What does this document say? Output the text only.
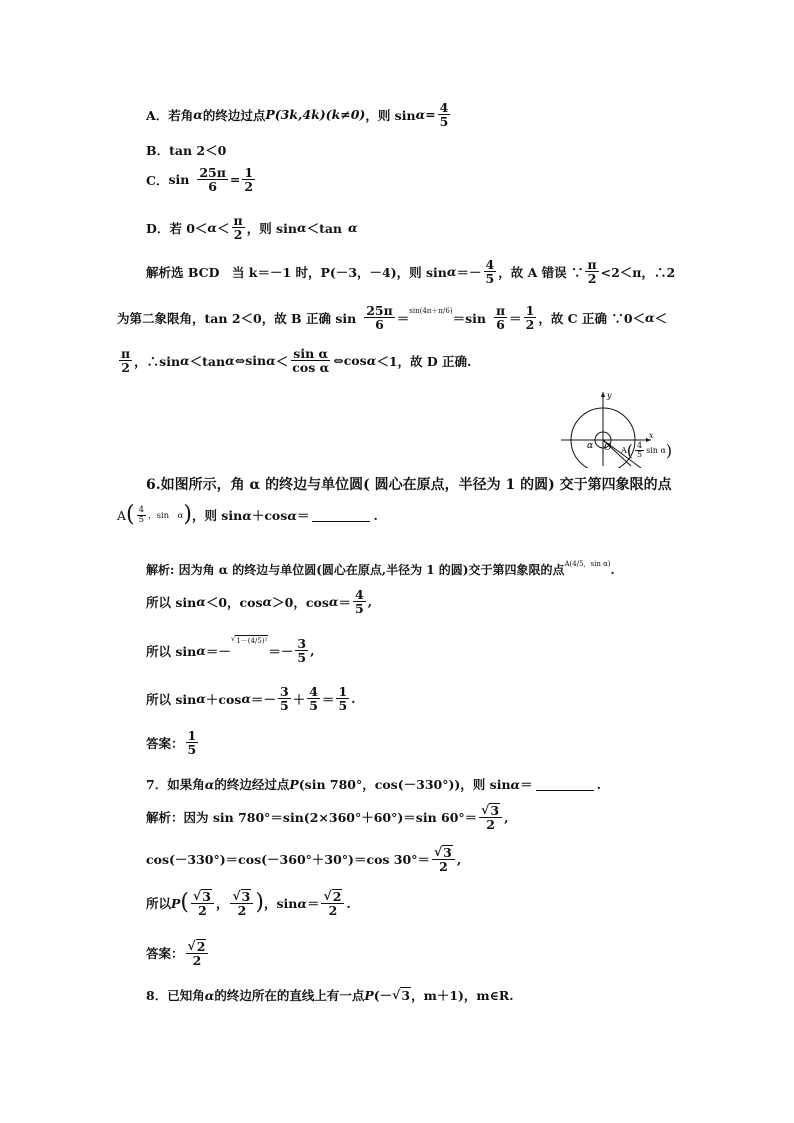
A． 若角 α 的终边过点 P(3k,4k)(k≠0) ，则 $\sin \alpha = \frac{4}{5}$
B． tan 2＜0
C． $\sin \frac{25\pi}{6} = \frac{1}{2}$
D． 若 $0< \alpha < \frac{\pi}{2}$ ，则 sin α ＜tan α
解析 选 BCD　当 k＝－1 时，P(－3，－4)，则 $\sin \alpha =- \frac{4}{5}$ ，故 A 错误 ∵ $\frac{\pi}{2} <2<\pi$，∴2
为第二象限角，tan 2＜0，故 B 正确 $\sin \frac{25\pi}{6} = \sin(4\pi+\pi/6) =\sin \frac{\pi}{6} = \frac{1}{2}$ ，故 C 正确 ∵0＜ α ＜
$\frac{\pi}{2}$ ，∴sin α ＜tan α ⇔sin $\alpha < \frac{\text{sin α}}{\text{cos α}}$ ⇔cos α ＜1，故 D 正确.
y
x
α O A ( $\frac{4}{5}$ sin α )
6.如图所示，角 α 的终边与单位圆( 圆心在原点，半径为 1 的圆) 交于第四象限的点
A ( $\frac{4}{5}$ ， sin　α ) ，则 sin α ＋cos α ＝	.
解析 : 因为角 α 的终边与单位圆(圆心在原点,半径为 1 的圆)交于第四象限的点 A(4/5，sin α) .
所以 sin α ＜0，cos α ＞0，$\cos \alpha = \frac{4}{5}$ ,
所以 sin α ＝－
√ 1－(4/5)²
＝－ $\frac{3}{5}$ ,
所以 sin α ＋cos $\alpha =- \frac{3}{5} + \frac{4}{5} = \frac{1}{5}$ .
答案： $\frac{1}{5}$
7．如果角 α 的终边经过点 P (sin 780°，cos(－330°))，则 sin α ＝	.
解析 ：因为 sin 780°＝sin(2×360°＋60°)＝sin $60^\circ= \frac{√ 3}{2}$ ,
cos(－330°)＝cos(－360°＋30°)＝cos $30^\circ= \frac{√ 3}{2}$ ,
所以 P ( $\frac{√ 3}{2}$ ， $\frac{√ 3}{2}$ ) ，$\sin \alpha = \frac{√ 2}{2}$ .
答案： $\frac{√ 2}{2}$
8．已知角 α 的终边所在的直线上有一点 P (－ √ 3 ，m＋1)，m∈R.
